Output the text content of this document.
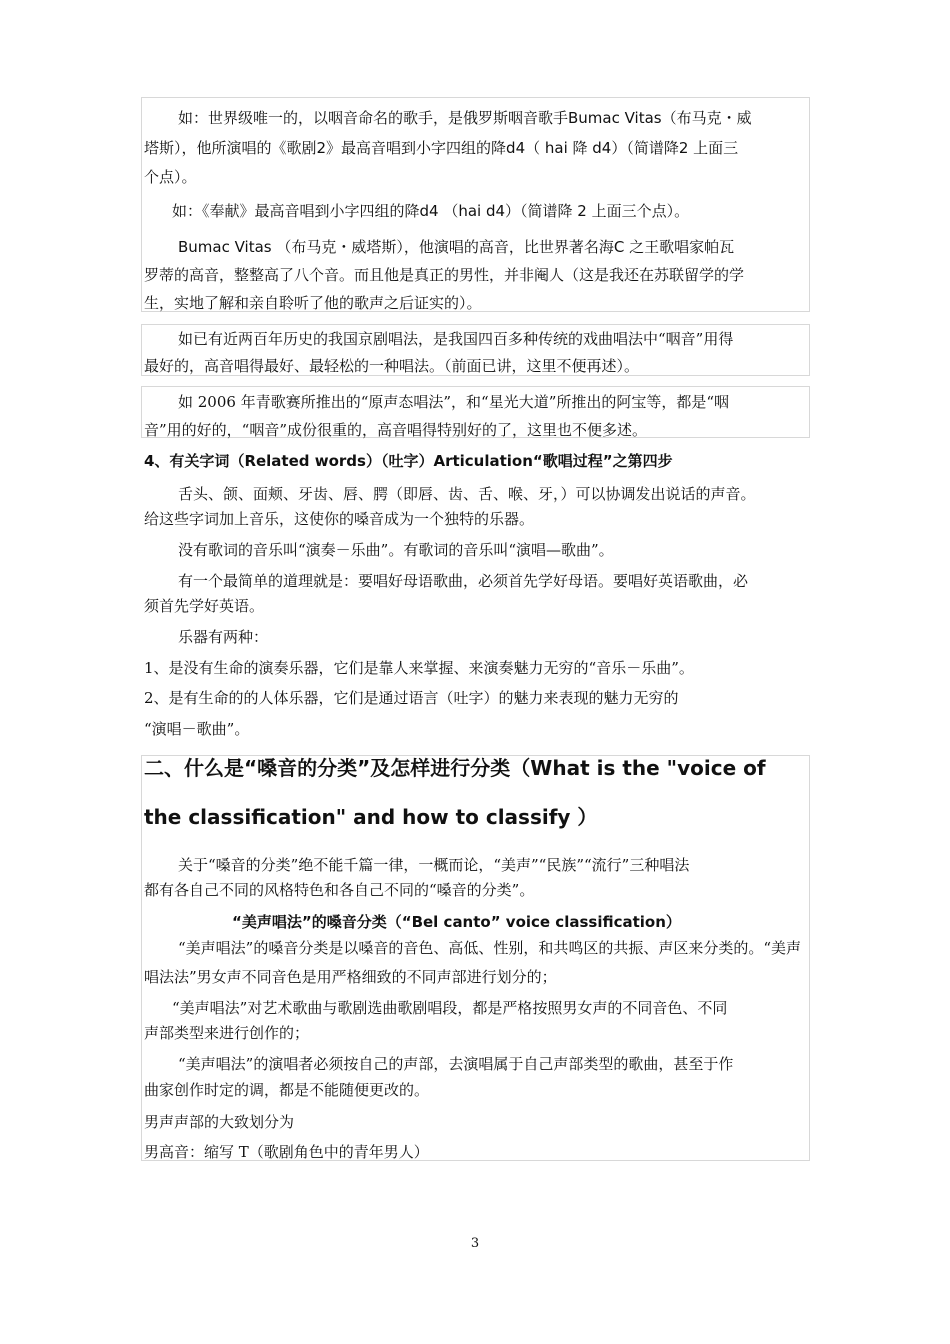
如：世界级唯一的，以咽音命名的歌手，是俄罗斯咽音歌手Bumac Vitas（布马克・威
塔斯），他所演唱的《歌剧2》最高音唱到小字四组的降d4（ hai 降 d4）（简谱降2 上面三
个点）。
如：《奉献》最高音唱到小字四组的降d4 （hai d4）（简谱降 2 上面三个点）。
Bumac Vitas （布马克・威塔斯），他演唱的高音，比世界著名海C 之王歌唱家帕瓦
罗蒂的高音，整整高了八个音。而且他是真正的男性，并非阉人（这是我还在苏联留学的学
生，实地了解和亲自聆听了他的歌声之后证实的）。
如已有近两百年历史的我国京剧唱法，是我国四百多种传统的戏曲唱法中“咽音”用得
最好的，高音唱得最好、最轻松的一种唱法。（前面已讲，这里不便再述）。
如 2006 年青歌赛所推出的“原声态唱法”，和“星光大道”所推出的阿宝等，都是“咽
音”用的好的，“咽音”成份很重的，高音唱得特别好的了，这里也不便多述。
4、有关字词（Related words）（吐字）Articulation“歌唱过程”之第四步
舌头、颌、面颊、牙齿、唇、腭（即唇、齿、舌、喉、牙，）可以协调发出说话的声音。
给这些字词加上音乐，这使你的嗓音成为一个独特的乐器。
没有歌词的音乐叫“演奏－乐曲”。有歌词的音乐叫“演唱—歌曲”。
有一个最简单的道理就是：要唱好母语歌曲，必须首先学好母语。要唱好英语歌曲，必
须首先学好英语。
乐器有两种：
1、是没有生命的演奏乐器，它们是靠人来掌握、来演奏魅力无穷的“音乐－乐曲”。
2、是有生命的的人体乐器，它们是通过语言（吐字）的魅力来表现的魅力无穷的
“演唱－歌曲”。
二、什么是“嗓音的分类”及怎样进行分类（What is the "voice of
the classification" and how to classify ）
关于“嗓音的分类”绝不能千篇一律，一概而论，“美声”“民族”“流行”三种唱法
都有各自己不同的风格特色和各自己不同的“嗓音的分类”。
“美声唱法”的嗓音分类（“Bel canto” voice classification）
“美声唱法”的嗓音分类是以嗓音的音色、高低、性别，和共鸣区的共振、声区来分类的。“美声
唱法法”男女声不同音色是用严格细致的不同声部进行划分的；
“美声唱法”对艺术歌曲与歌剧选曲歌剧唱段，都是严格按照男女声的不同音色、不同
声部类型来进行创作的；
“美声唱法”的演唱者必须按自己的声部，去演唱属于自己声部类型的歌曲，甚至于作
曲家创作时定的调，都是不能随便更改的。
男声声部的大致划分为
男高音：缩写 T（歌剧角色中的青年男人）
3
